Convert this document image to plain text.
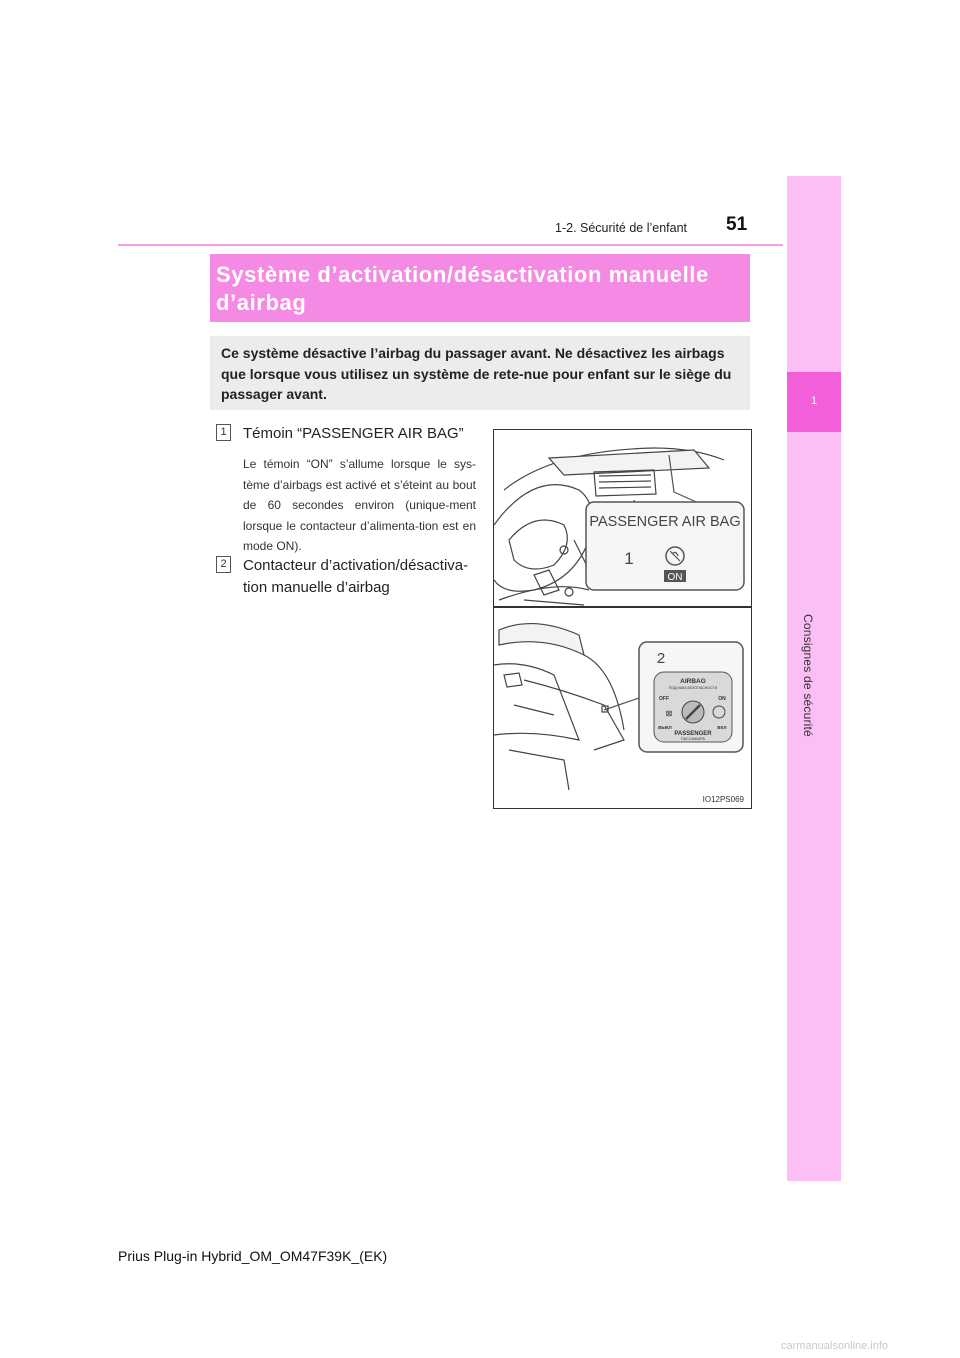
1
Consignes de sécurité
1-2. Sécurité de l’enfant 51
Système d’activation/désactivation manuelle d’airbag

Ce système désactive l’airbag du passager avant. Ne désactivez les airbags que lorsque vous utilisez un système de rete-nue pour enfant sur le siège du passager avant.

1 Témoin “PASSENGER AIR BAG”
Le témoin “ON” s’allume lorsque le sys-tème d’airbags est activé et s’éteint au bout de 60 secondes environ (unique-ment lorsque le contacteur d’alimenta-tion est en mode ON).
2 Contacteur d’activation/désactiva-tion manuelle d’airbag
PASSENGER AIR BAG
1
ON
2
AIRBAG
ПОДУШКА БЕЗОПАСНОСТИ
OFF	ON
⊠
ВЫКЛ	ВКЛ
PASSENGER
ПАССАЖИРА
IO12PS069
Prius Plug-in Hybrid_OM_OM47F39K_(EK)
carmanualsonline.info
